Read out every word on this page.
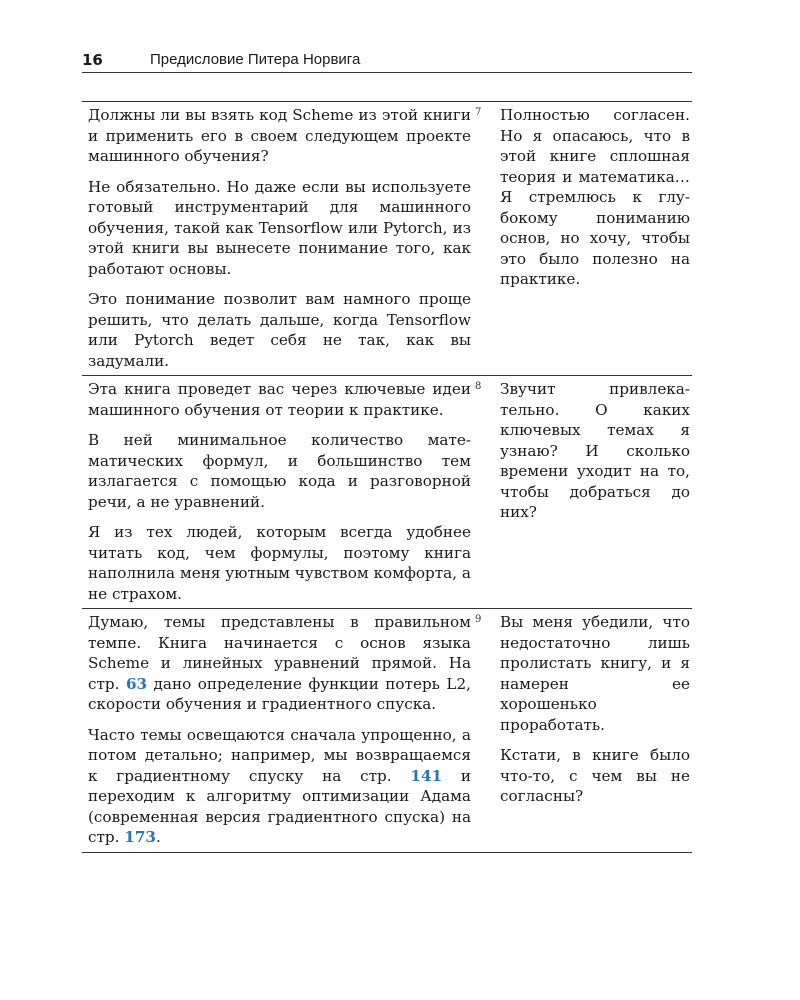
16	Предисловие Питера Норвига

Должны ли вы взять код Scheme из этой книги и применить его в своем следующем проекте машинного обучения?

Не обязательно. Но даже если вы используете готовый инструментарий для машинного обучения, такой как Tensorflow или Pytorch, из этой книги вы вынесете понимание того, как работают основы.

Это понимание позволит вам намного проще решить, что делать дальше, когда Tensorflow или Pytorch ведет себя не так, как вы задумали.

7 Полностью согласен. Но я опасаюсь, что в этой книге сплошная теория и математика… Я стремлюсь к глубокому пониманию основ, но хочу, чтобы это было полезно на практике.

Эта книга проведет вас через ключевые идеи машинного обучения от теории к практике.

В ней минимальное количество математических формул, и большинство тем излагается с помощью кода и разговорной речи, а не уравнений.

Я из тех людей, которым всегда удобнее читать код, чем формулы, поэтому книга наполнила меня уютным чувством комфорта, а не страхом.

8 Звучит привлекательно. О каких ключевых темах я узнаю? И сколько времени уходит на то, чтобы добраться до них?

Думаю, темы представлены в правильном темпе. Книга начинается с основ языка Scheme и линейных уравнений прямой. На стр. 63 дано определение функции потерь L2, скорости обучения и градиентного спуска.

Часто темы освещаются сначала упрощенно, а потом детально; например, мы возвращаемся к градиентному спуску на стр. 141 и переходим к алгоритму оптимизации Адама (современная версия градиентного спуска) на стр. 173.

9 Вы меня убедили, что недостаточно лишь пролистать книгу, и я намерен ее хорошенько проработать.

Кстати, в книге было что-то, с чем вы не согласны?
